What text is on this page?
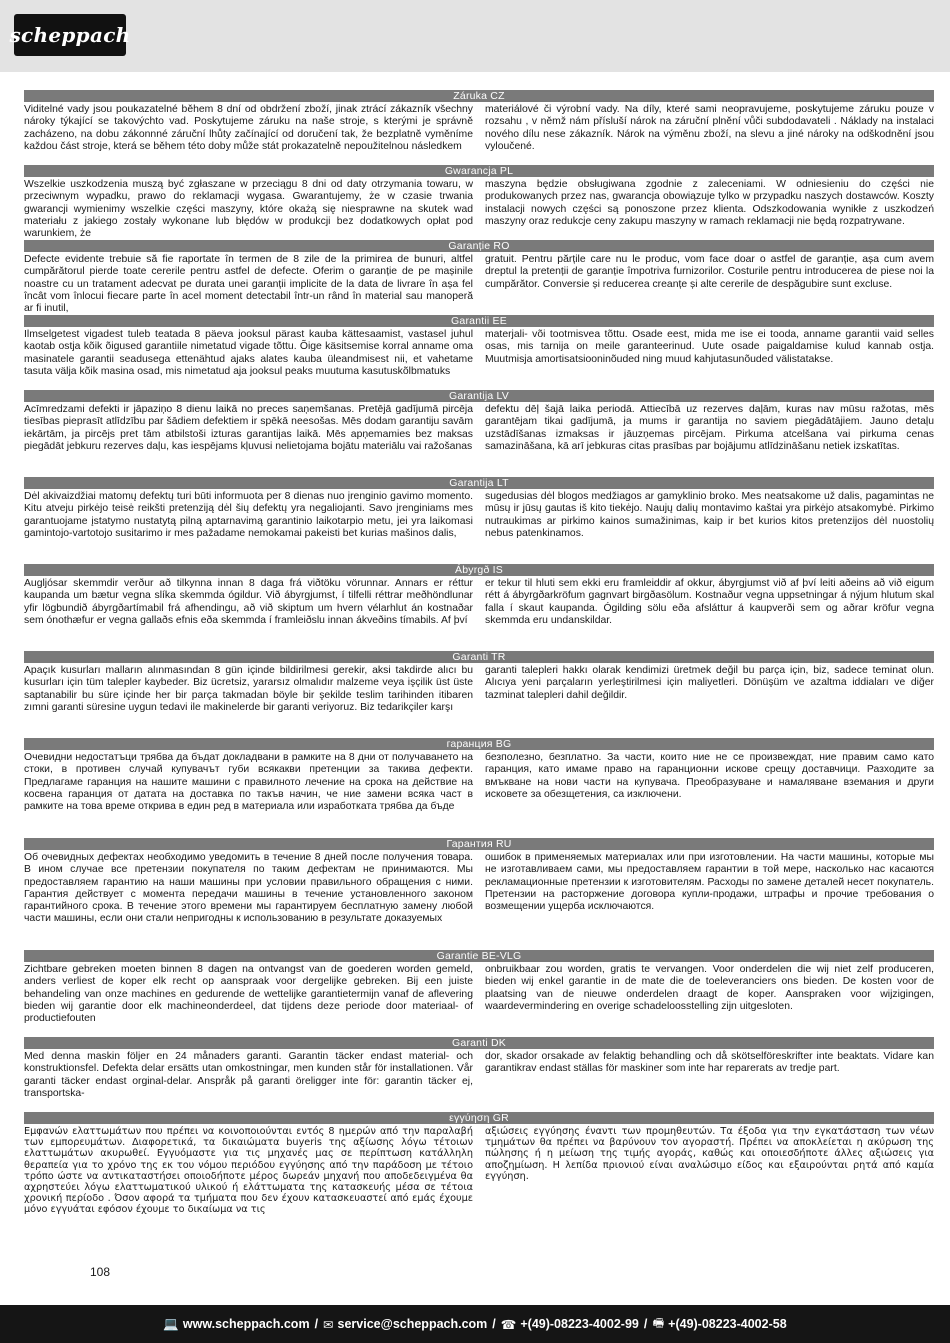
scheppach
Záruka CZ
Viditelné vady jsou poukazatelné během 8 dní od obdržení zboží, jinak ztrácí zákazník všechny nároky týkající se takovýchto vad. Poskytujeme záruku na naše stroje, s kterými je správně zacházeno, na dobu zákonnné záruční lhůty začínající od doručení tak, že bezplatně vyměníme každou část stroje, která se během této doby může stát prokazatelně nepoužitelnou následkem
materiálové či výrobní vady. Na díly, které sami neopravujeme, poskytujeme záruku pouze v rozsahu , v němž nám přísluší nárok na záruční plnění vůči subdodavateli . Náklady na instalaci nového dílu nese zákazník. Nárok na výměnu zboží, na slevu a jiné nároky na odškodnění jsou vyloučené.
Gwarancja PL
Wszelkie uszkodzenia muszą być zgłaszane w przeciągu 8 dni od daty otrzymania towaru, w przeciwnym wypadku, prawo do reklamacji wygasa. Gwarantujemy, że w czasie trwania gwarancji wymienimy wszelkie części maszyny, które okażą się niesprawne na skutek wad materiału z jakiego zostały wykonane lub błędów w produkcji bez dodatkowych opłat pod warunkiem, że
maszyna będzie obsługiwana zgodnie z zaleceniami. W odniesieniu do części nie produkowanych przez nas, gwarancja obowiązuje tylko w przypadku naszych dostawców. Koszty instalacji nowych części są ponoszone przez klienta. Odszkodowania wynikłe z uszkodzeń maszyny oraz redukcje ceny zakupu maszyny w ramach reklamacji nie będą rozpatrywane.
Garanție RO
Defecte evidente trebuie să fie raportate în termen de 8 zile de la primirea de bunuri, altfel cumpărătorul pierde toate cererile pentru astfel de defecte. Oferim o garanție de pe mașinile noastre cu un tratament adecvat pe durata unei garanții implicite de la data de livrare în așa fel încât vom înlocui fiecare parte în acel moment detectabil într-un rând în material sau manoperă ar fi inutil,
gratuit. Pentru părțile care nu le produc, vom face doar o astfel de garanție, așa cum avem dreptul la pretenții de garanție împotriva furnizorilor. Costurile pentru introducerea de piese noi la cumpărător. Conversie și reducerea creanțe și alte cererile de despăgubire sunt excluse.
Garantii EE
Ilmselgetest vigadest tuleb teatada 8 päeva jooksul pärast kauba kättesaamist, vastasel juhul kaotab ostja kõik õigused garantiile nimetatud vigade tõttu. Õige käsitsemise korral anname oma masinatele garantii seadusega ettenähtud ajaks alates kauba üleandmisest nii, et vahetame tasuta välja kõik masina osad, mis nimetatud aja jooksul peaks muutuma kasutuskõlbmatuks
materjali- või tootmisvea tõttu. Osade eest, mida me ise ei tooda, anname garantii vaid selles osas, mis tarnija on meile garanteerinud. Uute osade paigaldamise kulud kannab ostja. Muutmisja amortisatsiooninõuded ning muud kahjutasunõuded välistatakse.
Garantija LV
Acīmredzami defekti ir jāpaziņo 8 dienu laikā no preces saņemšanas. Pretējā gadījumā pircēja tiesības pieprasīt atlīdzību par šādiem defektiem ir spēkā neesošas. Mēs dodam garantiju savām iekārtām, ja pircējs pret tām atbilstoši izturas garantijas laikā. Mēs apņemamies bez maksas piegādāt jebkuru rezerves daļu, kas iespējams kļuvusi nelietojama bojātu materiālu vai ražošanas
defektu dēļ šajā laika periodā. Attiecībā uz rezerves daļām, kuras nav mūsu ražotas, mēs garantējam tikai gadījumā, ja mums ir garantija no saviem piegādātājiem. Jauno detaļu uzstādīšanas izmaksas ir jāuzņemas pircējam. Pirkuma atcelšana vai pirkuma cenas samazināšana, kā arī jebkuras citas prasības par bojājumu atlīdzināšanu netiek izskatītas.
Garantija LT
Dėl akivaizdžiai matomų defektų turi būti informuota per 8 dienas nuo įrenginio gavimo momento. Kitu atveju pirkėjo teisė reikšti pretenziją dėl šių defektų yra negaliojanti. Savo įrenginiams mes garantuojame įstatymo nustatytą pilną aptarnavimą garantinio laikotarpio metu, jei yra laikomasi gamintojo-vartotojo susitarimo ir mes pažadame nemokamai pakeisti bet kurias mašinos dalis,
sugedusias dėl blogos medžiagos ar gamyklinio broko. Mes neatsakome už dalis, pagamintas ne mūsų ir jūsų gautas iš kito tiekėjo. Naujų dalių montavimo kaštai yra pirkėjo atsakomybė. Pirkimo nutraukimas ar pirkimo kainos sumažinimas, kaip ir bet kurios kitos pretenzijos dėl nuostolių nebus patenkinamos.
Ábyrgð IS
Augljósar skemmdir verður að tilkynna innan 8 daga frá viðtöku vörunnar. Annars er réttur kaupanda um bætur vegna slíka skemmda ógildur. Við ábyrgjumst, í tilfelli réttrar meðhöndlunar yfir lögbundið ábyrgðartímabil frá afhendingu, að við skiptum um hvern vélarhlut án kostnaðar sem ónothæfur er vegna gallaðs efnis eða skemmda í framleiðslu innan ákveðins tímabils. Af því
er tekur til hluti sem ekki eru framleiddir af okkur, ábyrgjumst við af því leiti aðeins að við eigum rétt á ábyrgðarkröfum gagnvart birgðasölum. Kostnaður vegna uppsetningar á nýjum hlutum skal falla í skaut kaupanda. Ógilding sölu eða afsláttur á kaupverði sem og aðrar kröfur vegna skemmda eru undanskildar.
Garanti TR
Apaçık kusurları malların alınmasından 8 gün içinde bildirilmesi gerekir, aksi takdirde alıcı bu kusurları için tüm talepler kaybeder. Biz ücretsiz, yararsız olmalıdır malzeme veya işçilik üst üste saptanabilir bu süre içinde her bir parça takmadan böyle bir şekilde teslim tarihinden itibaren zımni garanti süresine uygun tedavi ile makinelerde bir garanti veriyoruz. Biz tedarikçiler karşı
garanti talepleri hakkı olarak kendimizi üretmek değil bu parça için, biz, sadece teminat olun. Alıcıya yeni parçaların yerleştirilmesi için maliyetleri. Dönüşüm ve azaltma iddiaları ve diğer tazminat talepleri dahil değildir.
гаранция BG
Очевидни недостатъци трябва да бъдат докладвани в рамките на 8 дни от получаването на стоки, в противен случай купувачът губи всякакви претенции за такива дефекти. Предлагаме гаранция на нашите машини с правилното лечение на срока на действие на косвена гаранция от датата на доставка по такъв начин, че ние замени всяка част в рамките на това време откривa в един ред в материала или изработката трябва да бъде
безполезно, безплатно. За части, които ние не се произвеждат, ние правим само като гаранция, като имаме право на гаранционни искове срещу доставчици. Разходите за вмъкване на нови части на купувача. Преобразуване и намаляване вземания и други исковете за обезщетения, са изключени.
Гарантия RU
Об очевидных дефектах необходимо уведомить в течение 8 дней после получения товара. В ином случае все претензии покупателя по таким дефектам не принимаются. Мы предоставляем гарантию на наши машины при условии правильного обращения с ними. Гарантия действует с момента передачи машины в течение установленного законом гарантийного срока. В течение этого времени мы гарантируем бесплатную замену любой части машины, если они стали непригодны к использованию в результате доказуемых
ошибок в применяемых материалах или при изготовлении. На части машины, которые мы не изготавливаем сами, мы предоставляем гарантии в той мере, насколько нас касаются рекламационные претензии к изготовителям. Расходы по замене деталей несет покупатель. Претензии на расторжение договора купли-продажи, штрафы и прочие требования о возмещении ущерба исключаются.
Garantie BE-VLG
Zichtbare gebreken moeten binnen 8 dagen na ontvangst van de goederen worden gemeld, anders verliest de koper elk recht op aanspraak voor dergelijke gebreken. Bij een juiste behandeling van onze machines en gedurende de wettelijke garantietermijn vanaf de aflevering bieden wij garantie door elk machineonderdeel, dat tijdens deze periode door materiaal- of productiefouten
onbruikbaar zou worden, gratis te vervangen. Voor onderdelen die wij niet zelf produceren, bieden wij enkel garantie in de mate die de toeleveranciers ons bieden. De kosten voor de plaatsing van de nieuwe onderdelen draagt de koper. Aanspraken voor wijzigingen, waardevermindering en overige schadeloosstelling zijn uitgesloten.
Garanti DK
Med denna maskin följer en 24 månaders garanti. Garantin täcker endast material- och konstruktionsfel. Defekta delar ersätts utan omkostningar, men kunden står för installationen. Vår garanti täcker endast orginal-delar. Anspråk på garanti öreligger inte för: garantin täcker ej, transportska-
dor, skador orsakade av felaktig behandling och då skötselföreskrifter inte beaktats. Vidare kan garantikrav endast ställas för maskiner som inte har reparerats av tredje part.
εγγύηση GR
Εμφανών ελαττωμάτων που πρέπει να κοινοποιούνται εντός 8 ημερών από την παραλαβή των εμπορευμάτων. Διαφορετικά, τα δικαιώματα buyeris της αξίωσης λόγω τέτοιων ελαττωμάτων ακυρωθεί. Εγγυόμαστε για τις μηχανές μας σε περίπτωση κατάλληλη θεραπεία για το χρόνο της εκ του νόμου περιόδου εγγύησης από την παράδοση με τέτοιο τρόπο ώστε να αντικαταστήσει οποιοδήποτε μέρος δωρεάν μηχανή που αποδεδειγμένα θα αχρηστεύει λόγω ελαττωματικού υλικού ή ελάττωματα της κατασκευής μέσα σε τέτοια χρονική περίοδο . Όσον αφορά τα τμήματα που δεν έχουν κατασκευαστεί από εμάς έχουμε μόνο εγγυάται εφόσον έχουμε το δικαίωμα να τις
αξιώσεις εγγύησης έναντι των προμηθευτών. Τα έξοδα για την εγκατάσταση των νέων τμημάτων θα πρέπει να βαρύνουν τον αγοραστή. Πρέπει να αποκλείεται η ακύρωση της πώλησης ή η μείωση της τιμής αγοράς, καθώς και οποιεσδήποτε άλλες αξιώσεις για αποζημίωση. Η λεπίδα πριονιού είναι αναλώσιμο είδος και εξαιρούνται ρητά από καμία εγγύηση.
108
💻 www.scheppach.com / ✉ service@scheppach.com / ☎ +(49)-08223-4002-99 / 🖷 +(49)-08223-4002-58
